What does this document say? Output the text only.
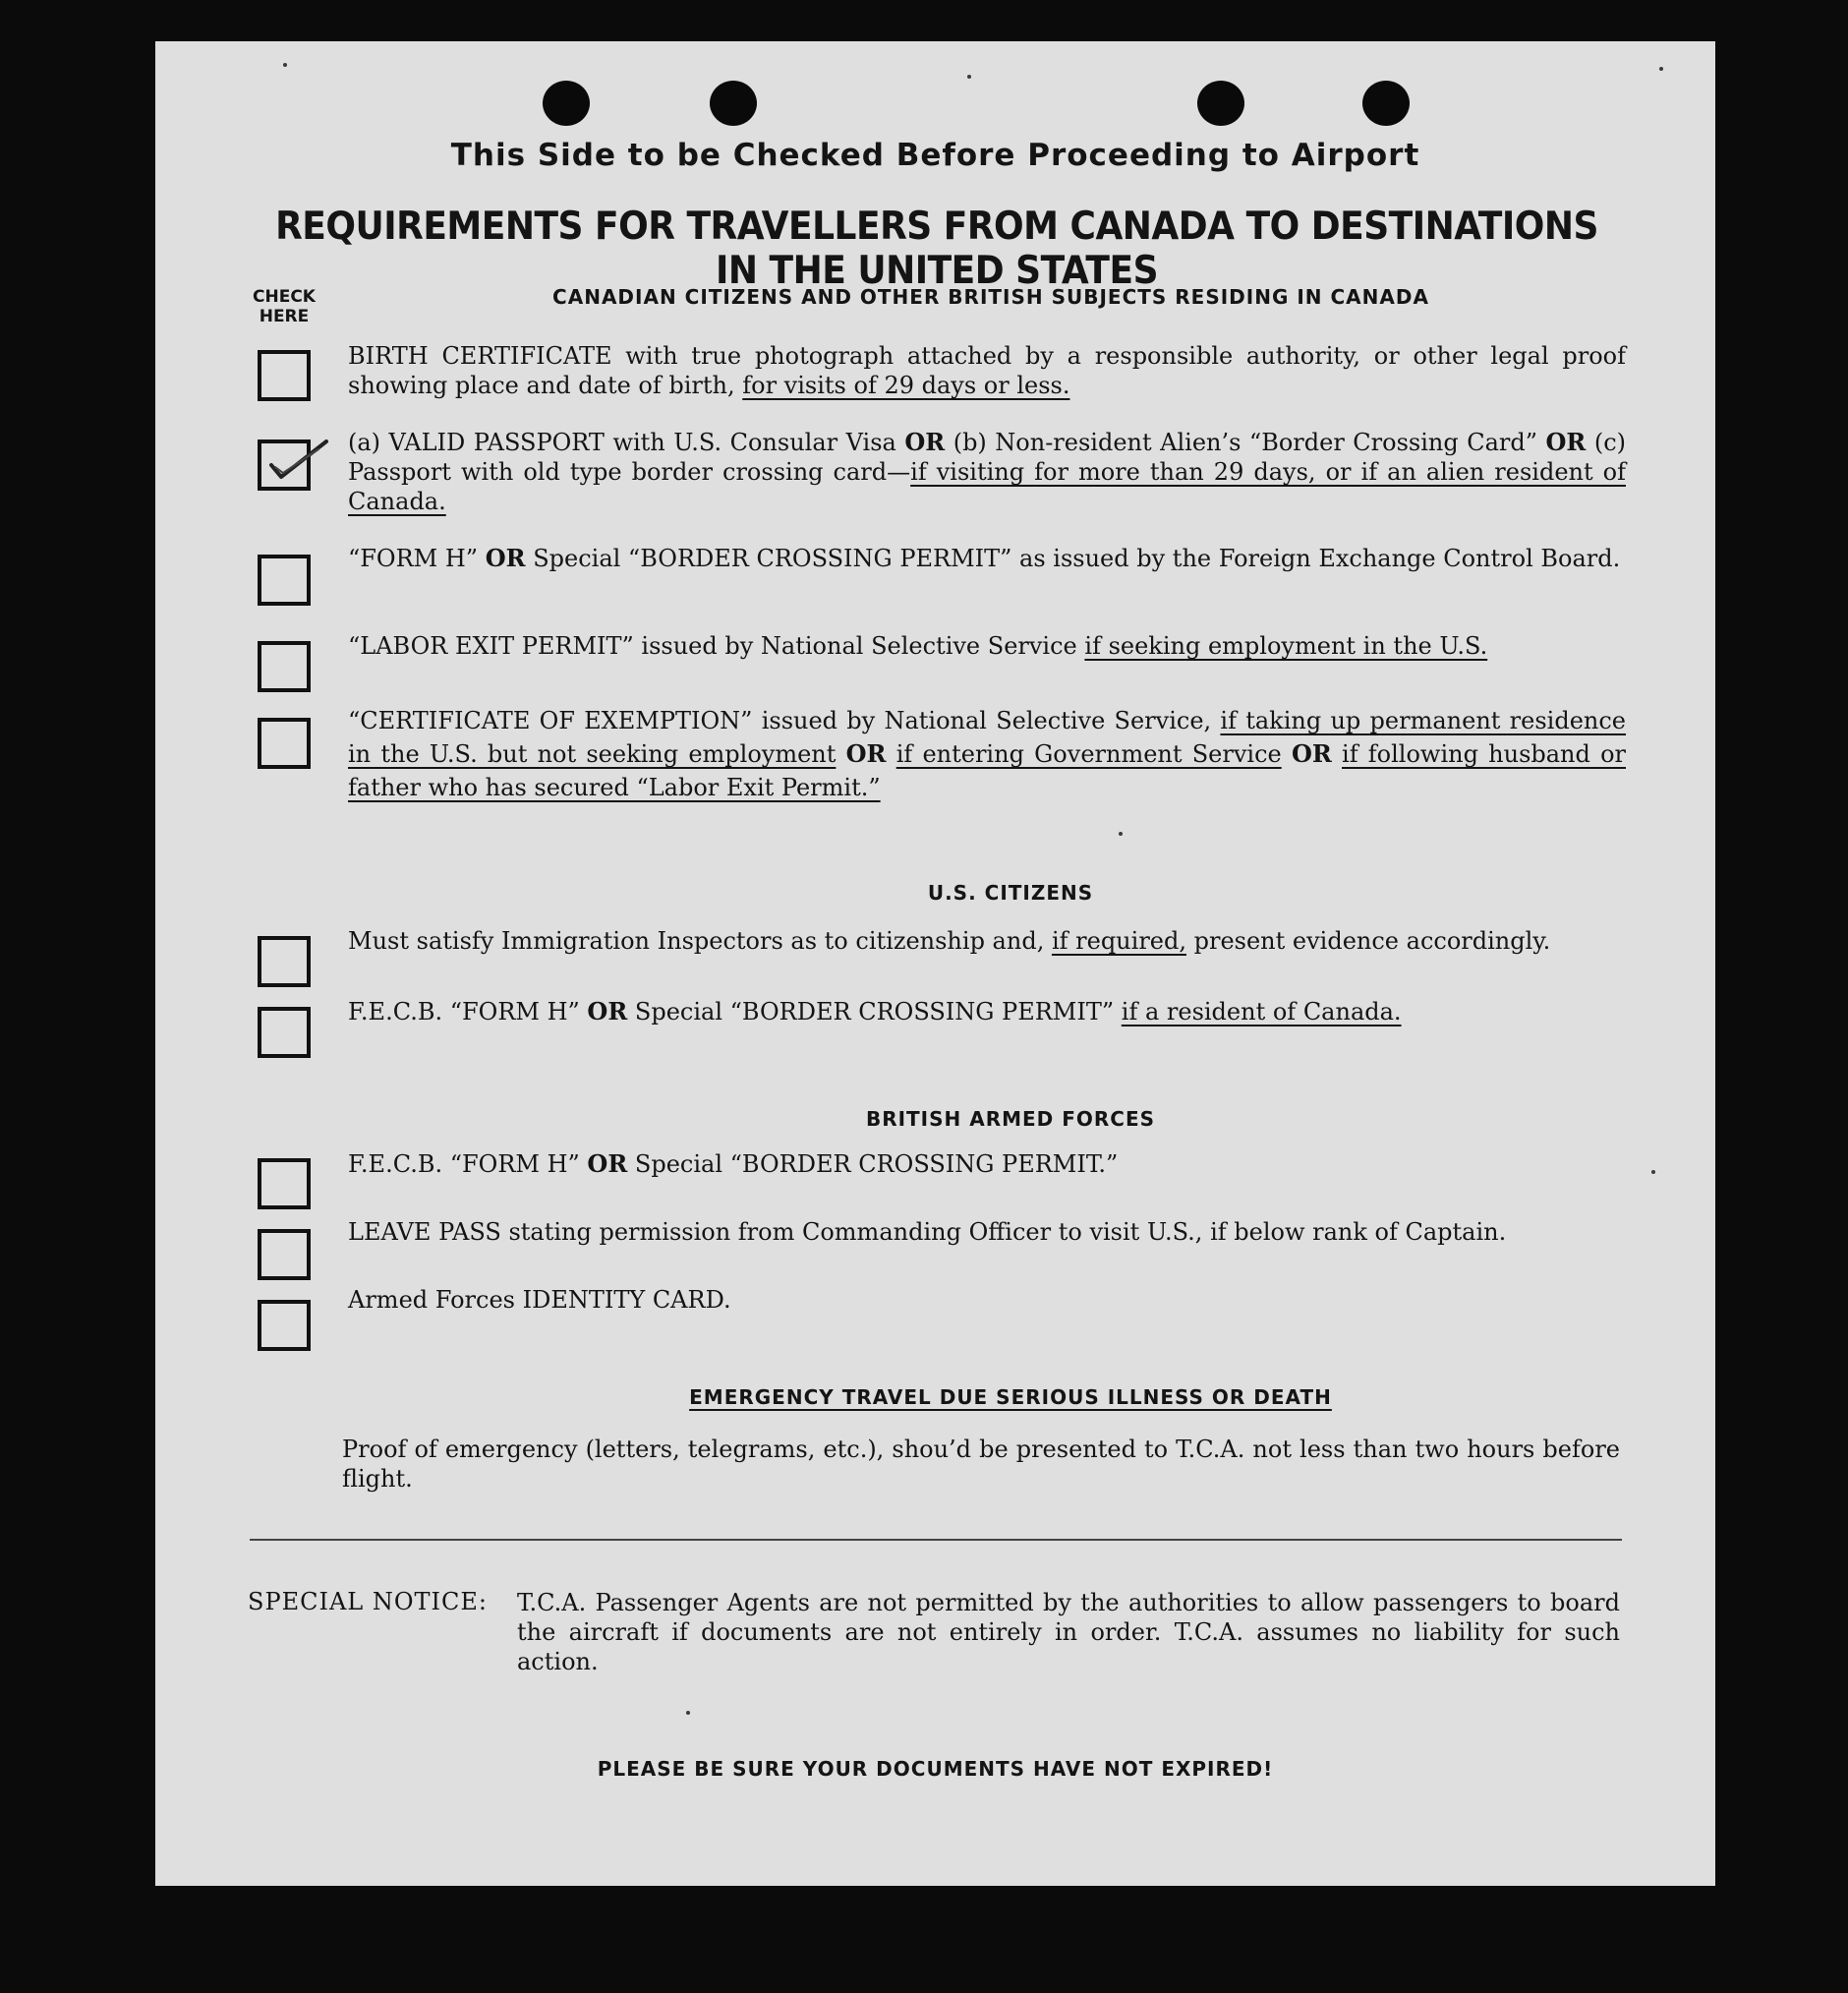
This Side to be Checked Before Proceeding to Airport
REQUIREMENTS FOR TRAVELLERS FROM CANADA TO DESTINATIONS IN THE UNITED STATES
CHECK HERE
CANADIAN CITIZENS AND OTHER BRITISH SUBJECTS RESIDING IN CANADA
BIRTH CERTIFICATE with true photograph attached by a responsible authority, or other legal proof showing place and date of birth, for visits of 29 days or less.
(a) VALID PASSPORT with U.S. Consular Visa OR (b) Non-resident Alien’s “Border Crossing Card” OR (c) Passport with old type border crossing card—if visiting for more than 29 days, or if an alien resident of Canada.
“FORM H” OR Special “BORDER CROSSING PERMIT” as issued by the Foreign Exchange Control Board.
“LABOR EXIT PERMIT” issued by National Selective Service if seeking employment in the U.S.
“CERTIFICATE OF EXEMPTION” issued by National Selective Service, if taking up permanent residence in the U.S. but not seeking employment OR if entering Government Service OR if following husband or father who has secured “Labor Exit Permit.”
U.S. CITIZENS
Must satisfy Immigration Inspectors as to citizenship and, if required, present evidence accordingly.
F.E.C.B. “FORM H” OR Special “BORDER CROSSING PERMIT” if a resident of Canada.
BRITISH ARMED FORCES
F.E.C.B. “FORM H” OR Special “BORDER CROSSING PERMIT.”
LEAVE PASS stating permission from Commanding Officer to visit U.S., if below rank of Captain.
Armed Forces IDENTITY CARD.
EMERGENCY TRAVEL DUE SERIOUS ILLNESS OR DEATH
Proof of emergency (letters, telegrams, etc.), shou’d be presented to T.C.A. not less than two hours before flight.
SPECIAL NOTICE: T.C.A. Passenger Agents are not permitted by the authorities to allow passengers to board the aircraft if documents are not entirely in order. T.C.A. assumes no liability for such action.
PLEASE BE SURE YOUR DOCUMENTS HAVE NOT EXPIRED!
